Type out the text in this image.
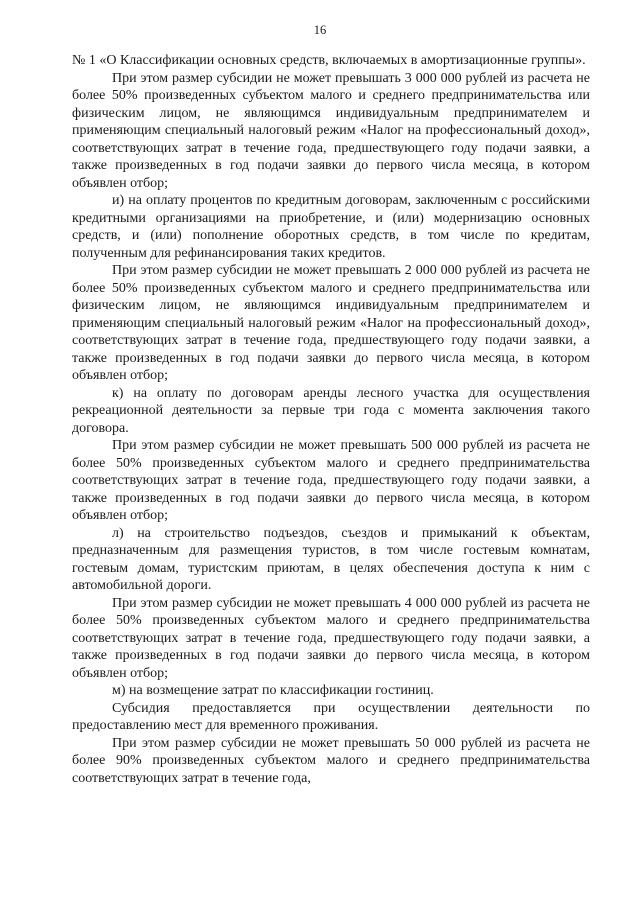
16

№ 1 «О Классификации основных средств, включаемых в амортизационные группы».

При этом размер субсидии не может превышать 3 000 000 рублей из расчета не более 50% произведенных субъектом малого и среднего предпринимательства или физическим лицом, не являющимся индивидуальным предпринимателем и применяющим специальный налоговый режим «Налог на профессиональный доход», соответствующих затрат в течение года, предшествующего году подачи заявки, а также произведенных в год подачи заявки до первого числа месяца, в котором объявлен отбор;

и) на оплату процентов по кредитным договорам, заключенным с российскими кредитными организациями на приобретение, и (или) модернизацию основных средств, и (или) пополнение оборотных средств, в том числе по кредитам, полученным для рефинансирования таких кредитов.

При этом размер субсидии не может превышать 2 000 000 рублей из расчета не более 50% произведенных субъектом малого и среднего предпринимательства или физическим лицом, не являющимся индивидуальным предпринимателем и применяющим специальный налоговый режим «Налог на профессиональный доход», соответствующих затрат в течение года, предшествующего году подачи заявки, а также произведенных в год подачи заявки до первого числа месяца, в котором объявлен отбор;

к) на оплату по договорам аренды лесного участка для осуществления рекреационной деятельности за первые три года с момента заключения такого договора.

При этом размер субсидии не может превышать 500 000 рублей из расчета не более 50% произведенных субъектом малого и среднего предпринимательства соответствующих затрат в течение года, предшествующего году подачи заявки, а также произведенных в год подачи заявки до первого числа месяца, в котором объявлен отбор;

л) на строительство подъездов, съездов и примыканий к объектам, предназначенным для размещения туристов, в том числе гостевым комнатам, гостевым домам, туристским приютам, в целях обеспечения доступа к ним с автомобильной дороги.

При этом размер субсидии не может превышать 4 000 000 рублей из расчета не более 50% произведенных субъектом малого и среднего предпринимательства соответствующих затрат в течение года, предшествующего году подачи заявки, а также произведенных в год подачи заявки до первого числа месяца, в котором объявлен отбор;

м) на возмещение затрат по классификации гостиниц.

Субсидия предоставляется при осуществлении деятельности по предоставлению мест для временного проживания.

При этом размер субсидии не может превышать 50 000 рублей из расчета не более 90% произведенных субъектом малого и среднего предпринимательства соответствующих затрат в течение года,
